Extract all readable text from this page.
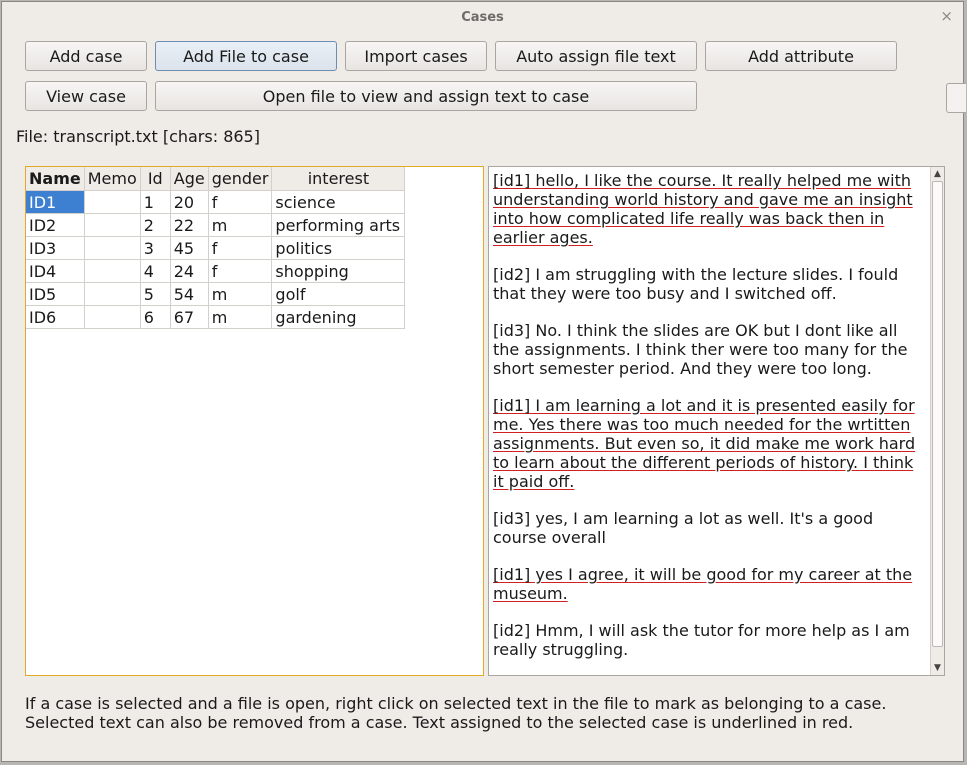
Cases	×
Add case	Add File to case	Import cases	Auto assign file text	Add attribute
View case	Open file to view and assign text to case
File: transcript.txt [chars: 865]
Name	Memo	Id	Age	gender	interest
ID1		1	20	f	science
ID2		2	22	m	performing arts
ID3		3	45	f	politics
ID4		4	24	f	shopping
ID5		5	54	m	golf
ID6		6	67	m	gardening

[id1] hello, I like the course. It really helped me with understanding world history and gave me an insight into how complicated life really was back then in earlier ages.

[id2] I am struggling with the lecture slides. I fould that they were too busy and I switched off.

[id3] No. I think the slides are OK but I dont like all the assignments. I think ther were too many for the short semester period. And they were too long.

[id1] I am learning a lot and it is presented easily for me. Yes there was too much needed for the wrtitten assignments. But even so, it did make me work hard to learn about the different periods of history. I think it paid off.

[id3] yes, I am learning a lot as well. It's a good course overall

[id1] yes I agree, it will be good for my career at the museum.

[id2] Hmm, I will ask the tutor for more help as I am really struggling.

▲
▼
If a case is selected and a file is open, right click on selected text in the file to mark as belonging to a case.
Selected text can also be removed from a case. Text assigned to the selected case is underlined in red.
